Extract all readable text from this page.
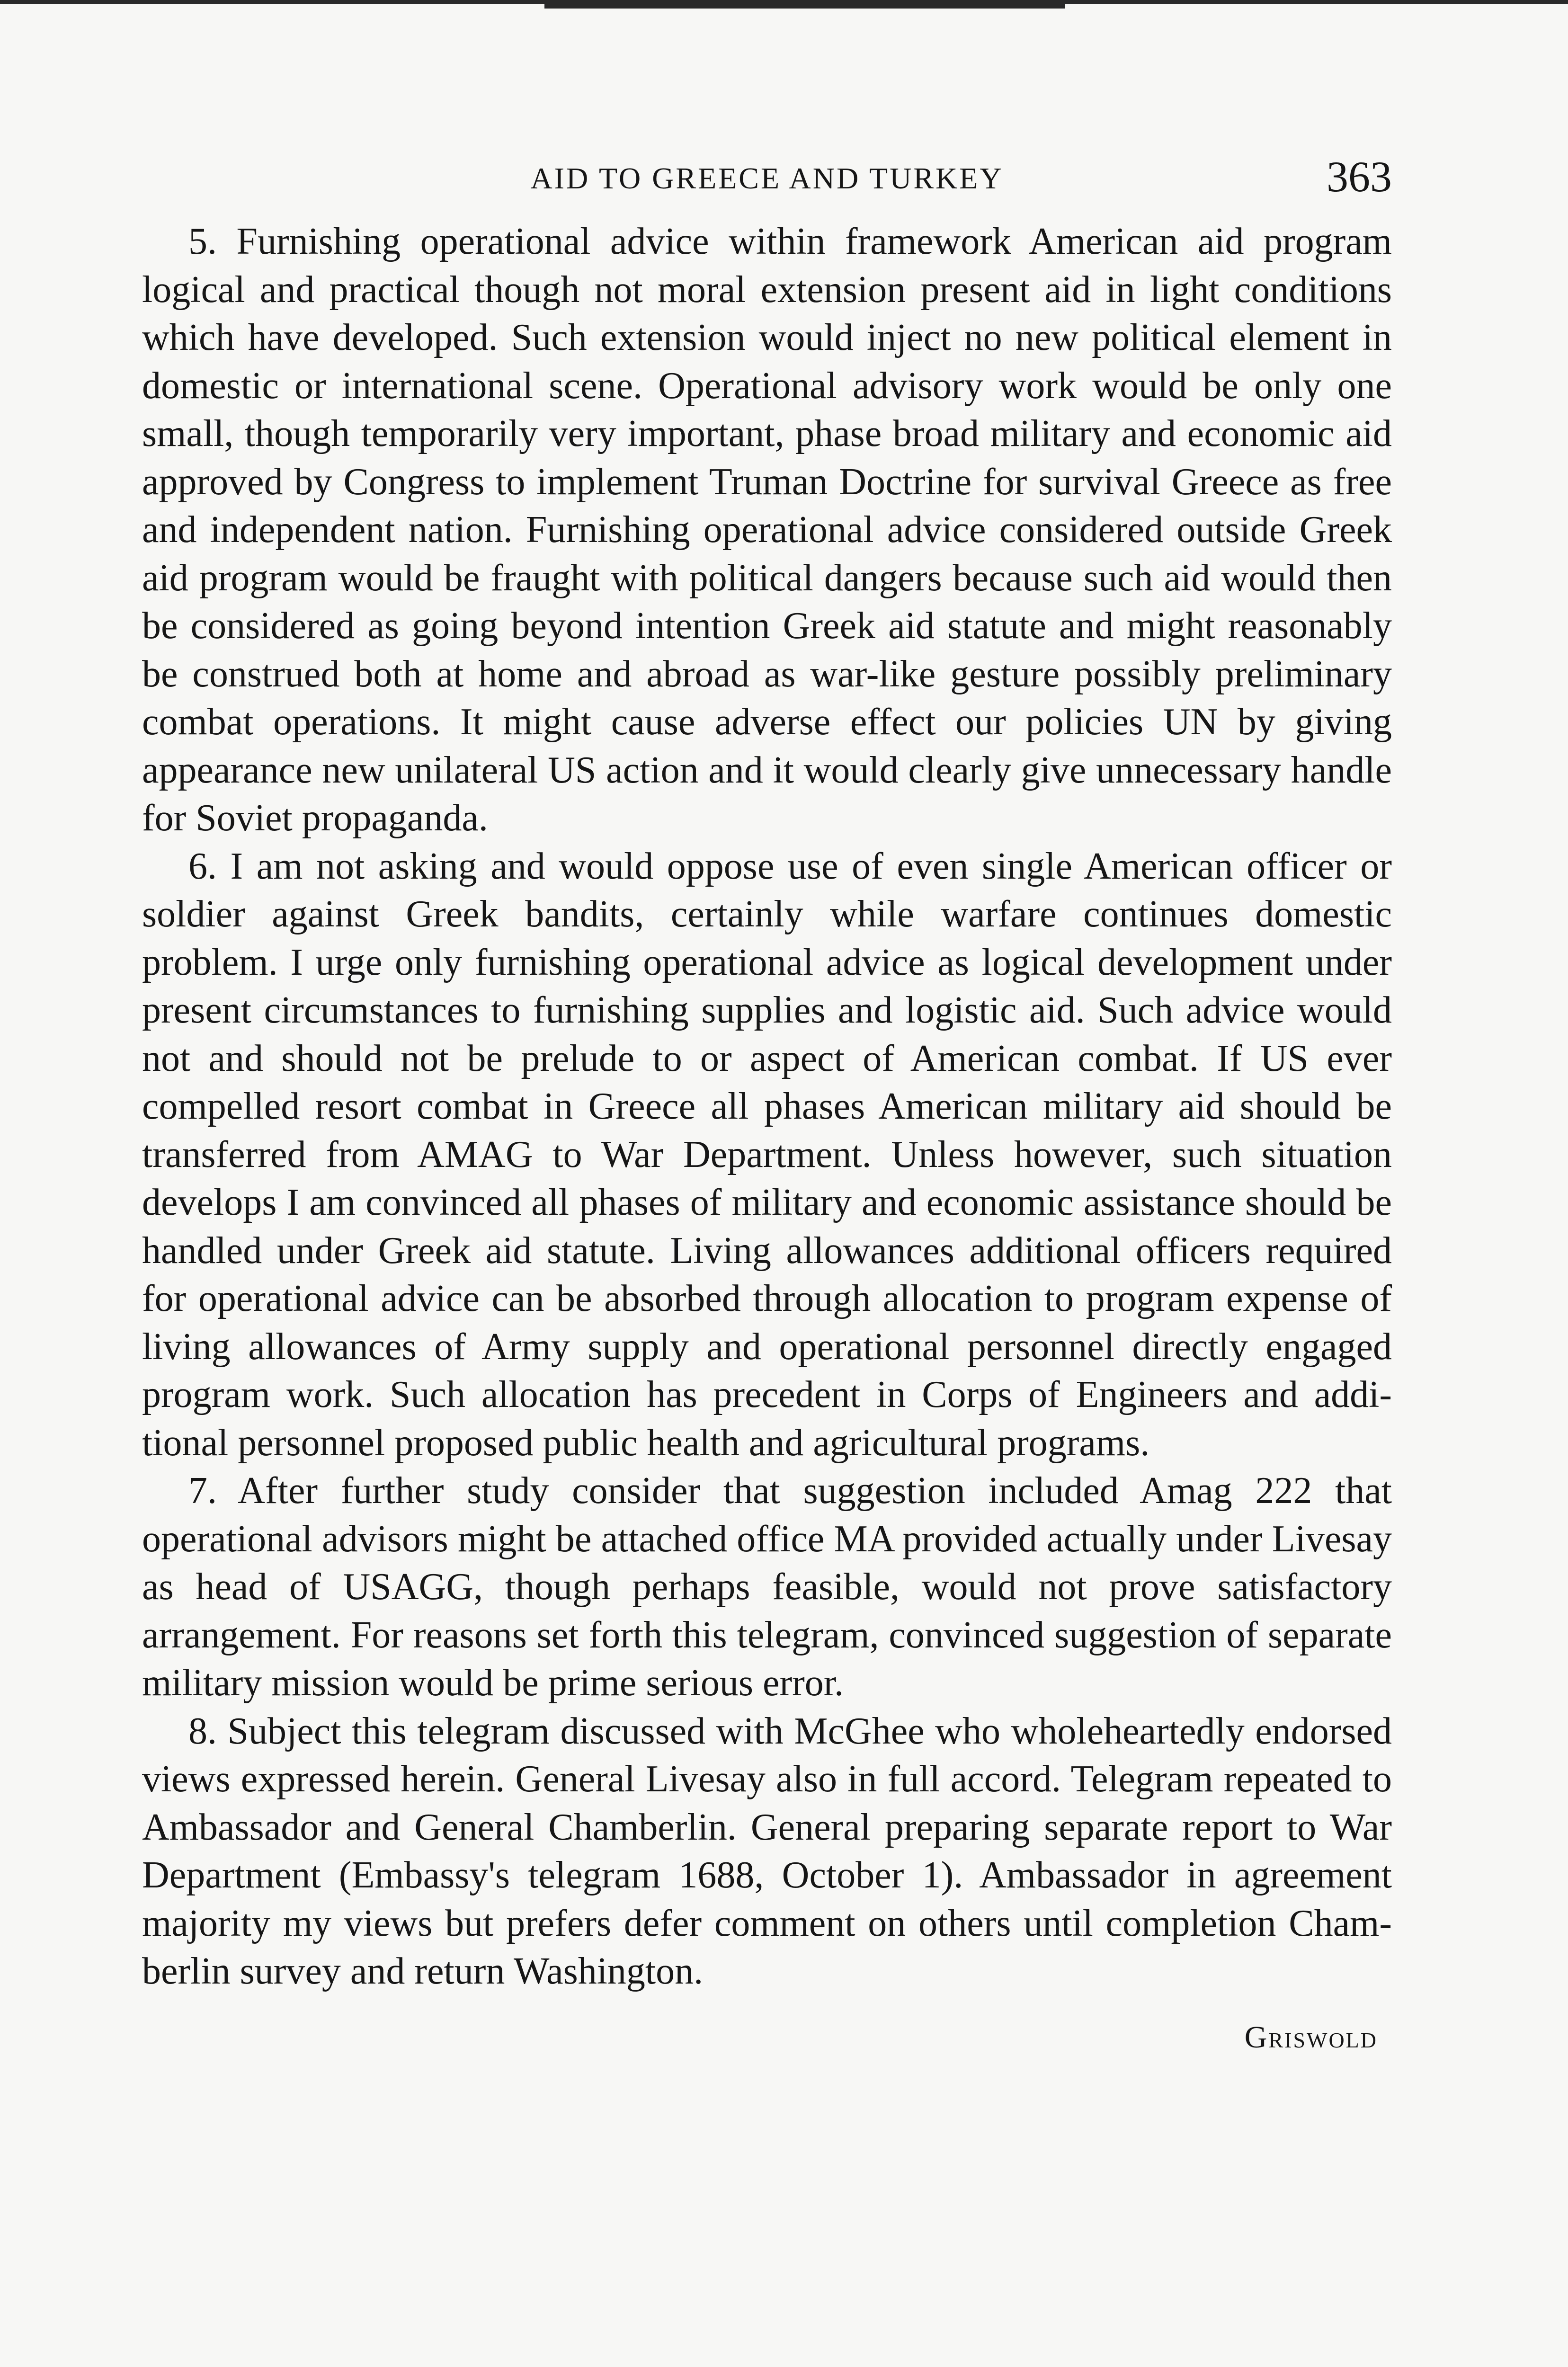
AID TO GREECE AND TURKEY	363

5. Furnishing operational advice within framework American aid program logical and practical though not moral extension present aid in light conditions which have developed. Such extension would inject no new political element in domestic or international scene. Operational advisory work would be only one small, though temporarily very important, phase broad military and economic aid approved by Congress to implement Truman Doctrine for survival Greece as free and independent nation. Furnishing operational advice considered outside Greek aid program would be fraught with political dangers because such aid would then be considered as going beyond intention Greek aid statute and might reasonably be construed both at home and abroad as war-like gesture possibly preliminary combat operations. It might cause adverse effect our policies UN by giving appearance new unilateral US action and it would clearly give unnecessary handle for Soviet propaganda.

6. I am not asking and would oppose use of even single American officer or soldier against Greek bandits, certainly while warfare continues domestic problem. I urge only furnishing operational advice as logical development under present circumstances to furnishing supplies and logistic aid. Such advice would not and should not be prelude to or aspect of American combat. If US ever compelled resort combat in Greece all phases American military aid should be transferred from AMAG to War Department. Unless however, such situation develops I am convinced all phases of military and economic assistance should be handled under Greek aid statute. Living allowances additional officers required for operational advice can be absorbed through allocation to program expense of living allowances of Army supply and operational personnel directly engaged program work. Such allocation has precedent in Corps of Engineers and additional personnel proposed public health and agricultural programs.

7. After further study consider that suggestion included Amag 222 that operational advisors might be attached office MA provided actually under Livesay as head of USAGG, though perhaps feasible, would not prove satisfactory arrangement. For reasons set forth this telegram, convinced suggestion of separate military mission would be prime serious error.

8. Subject this telegram discussed with McGhee who wholeheartedly endorsed views expressed herein. General Livesay also in full accord. Telegram repeated to Ambassador and General Chamberlin. General preparing separate report to War Department (Embassy's telegram 1688, October 1). Ambassador in agreement majority my views but prefers defer comment on others until completion Chamberlin survey and return Washington.

Griswold
